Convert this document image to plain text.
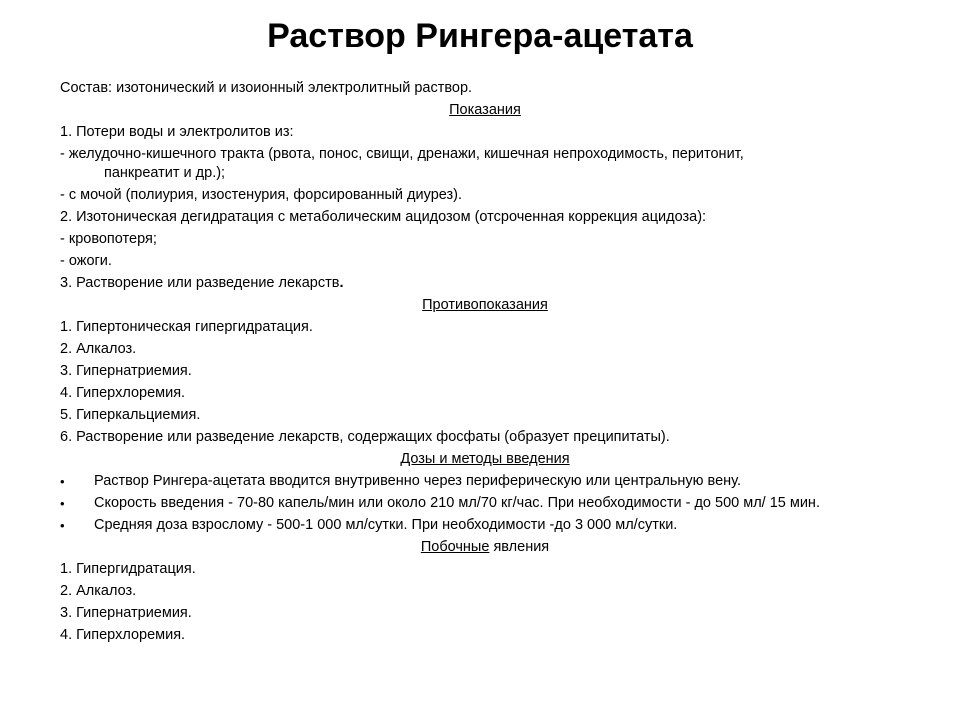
Раствор Рингера-ацетата

Состав: изотонический и изоионный электролитный раствор.

Показания

1. Потери воды и электролитов из:

- желудочно-кишечного тракта (рвота, понос, свищи, дренажи, кишечная непроходимость, перитонит,
панкреатит и др.);

- с мочой (полиурия, изостенурия, форсированный диурез).

2. Изотоническая дегидратация с метаболическим ацидозом (отсроченная коррекция ацидоза):

- кровопотеря;

- ожоги.

3. Растворение или разведение лекарств.

Противопоказания

1. Гипертоническая гипергидратация.

2. Алкалоз.

3. Гипернатриемия.

4. Гиперхлоремия.

5. Гиперкальциемия.

6. Растворение или разведение лекарств, содержащих фосфаты (образует преципитаты).

Дозы и методы введения

•	Раствор Рингера-ацетата вводится внутривенно через периферическую или центральную вену.
•	Скорость введения - 70-80 капель/мин или около 210 мл/70 кг/час. При необходимости - до 500 мл/ 15 мин.
•	Средняя доза взрослому - 500-1 000 мл/сутки. При необходимости -до 3 000 мл/сутки.

Побочные явления

1. Гипергидратация.

2. Алкалоз.

3. Гипернатриемия.

4. Гиперхлоремия.
